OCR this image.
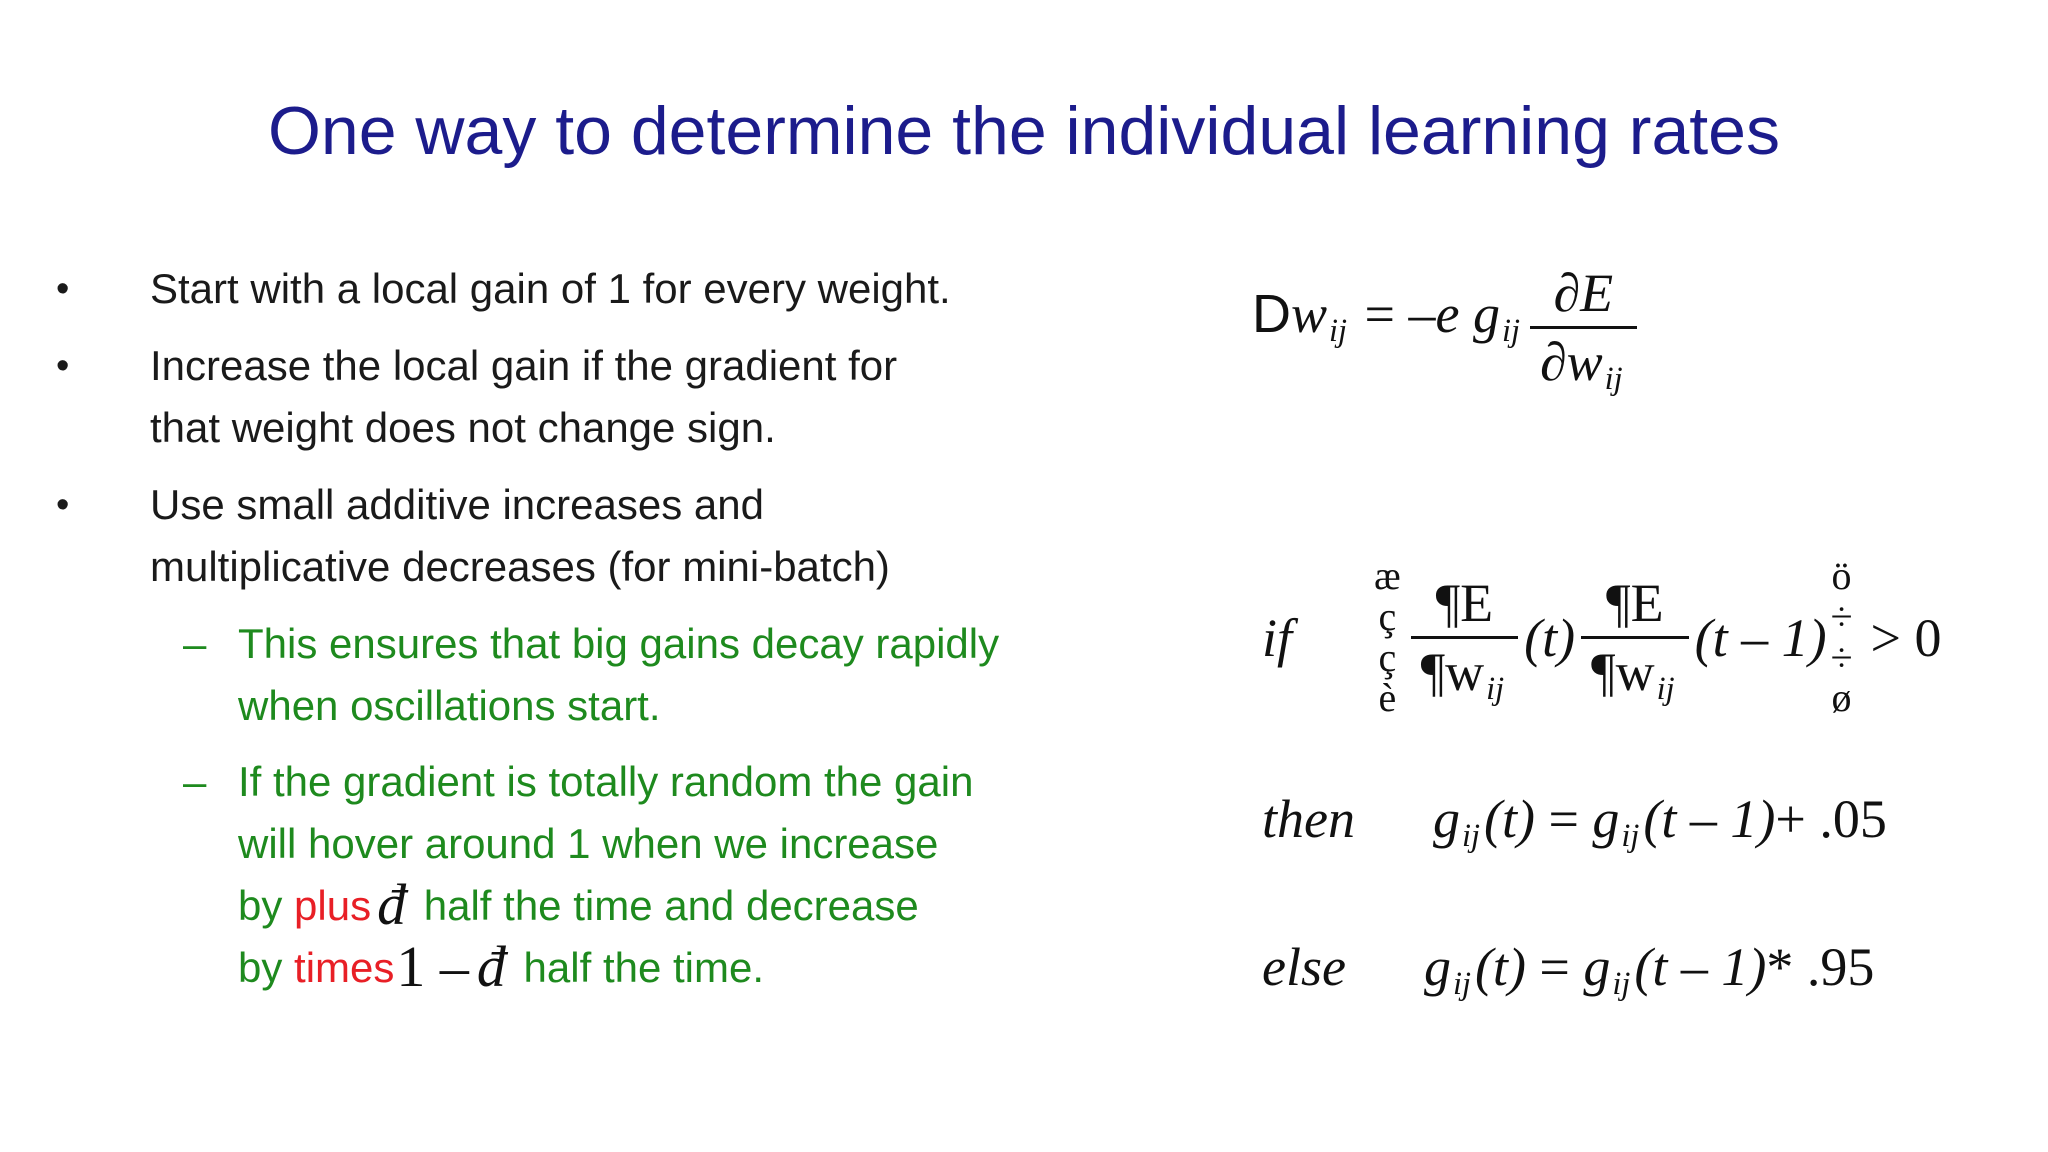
One way to determine the individual learning rates
•	Start with a local gain of 1 for every weight.
•	Increase the local gain if the gradient for
that weight does not change sign.
•	Use small additive increases and
multiplicative decreases (for mini-batch)
– This ensures that big gains decay rapidly
when oscillations start.
– If the gradient is totally random the gain
will hover around 1 when we increase
by plus đ half the time and decrease
by times1 – đ half the time.
Dwij = –e gij $\frac{\partial E}{\text{∂wij}}$
if
æ
ç
ç
è $\frac{\P E}{\text{¶wij}} (t) \frac{\P E}{\text{¶wij}} (t - 1)$
ö
÷
÷
ø
> 0
then gij(t) = gij(t – 1)+ .05
else gij(t) = gij(t – 1)* .95
